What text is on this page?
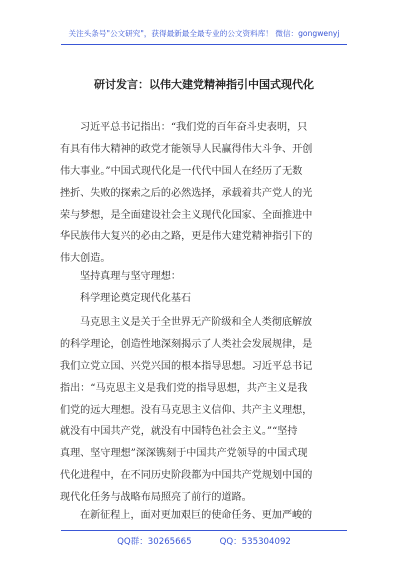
关注头条号"公文研究"，获得最新最全最专业的公文资料库！ 微信：gongwenyj
研讨发言：以伟大建党精神指引中国式现代化
习近平总书记指出：“我们党的百年奋斗史表明，只
有具有伟大精神的政党才能领导人民赢得伟大斗争、开创
伟大事业。”中国式现代化是一代代中国人在经历了无数
挫折、失败的探索之后的必然选择，承载着共产党人的光
荣与梦想，是全面建设社会主义现代化国家、全面推进中
华民族伟大复兴的必由之路，更是伟大建党精神指引下的
伟大创造。
坚持真理与坚守理想：
科学理论奠定现代化基石
马克思主义是关于全世界无产阶级和全人类彻底解放
的科学理论，创造性地深刻揭示了人类社会发展规律，是
我们立党立国、兴党兴国的根本指导思想。习近平总书记
指出：“马克思主义是我们党的指导思想，共产主义是我
们党的远大理想。没有马克思主义信仰、共产主义理想，
就没有中国共产党，就没有中国特色社会主义。”“坚持
真理、坚守理想”深深镌刻于中国共产党领导的中国式现
代化进程中，在不同历史阶段都为中国共产党规划中国的
现代化任务与战略布局照亮了前行的道路。
在新征程上，面对更加艰巨的使命任务、更加严峻的
QQ群：30265665	QQ：535304092
